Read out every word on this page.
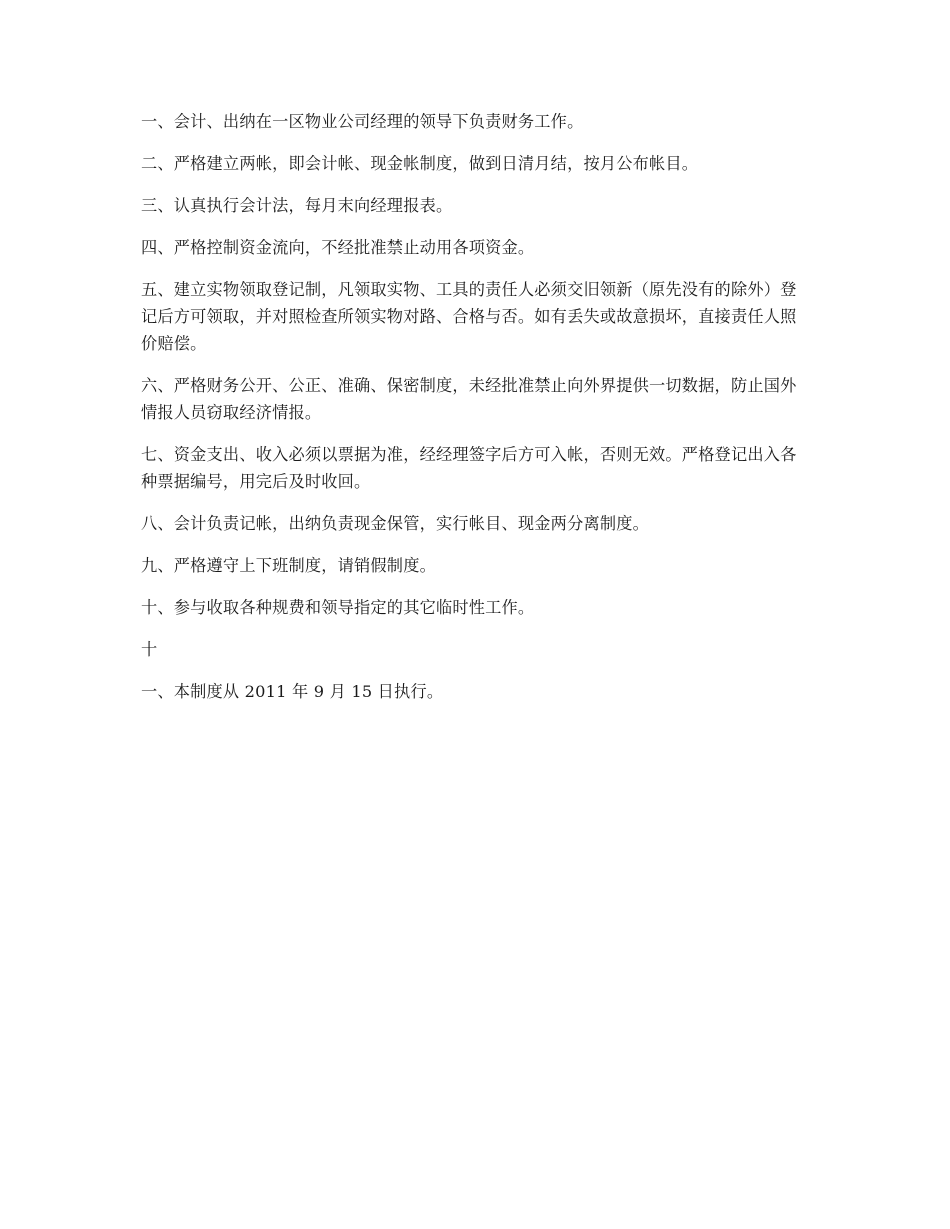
一、会计、出纳在一区物业公司经理的领导下负责财务工作。

二、严格建立两帐，即会计帐、现金帐制度，做到日清月结，按月公布帐目。

三、认真执行会计法，每月末向经理报表。

四、严格控制资金流向，不经批准禁止动用各项资金。

五、建立实物领取登记制，凡领取实物、工具的责任人必须交旧领新（原先没有的除外）登记后方可领取，并对照检查所领实物对路、合格与否。如有丢失或故意损坏，直接责任人照价赔偿。

六、严格财务公开、公正、准确、保密制度，未经批准禁止向外界提供一切数据，防止国外情报人员窃取经济情报。

七、资金支出、收入必须以票据为准，经经理签字后方可入帐，否则无效。严格登记出入各种票据编号，用完后及时收回。

八、会计负责记帐，出纳负责现金保管，实行帐目、现金两分离制度。

九、严格遵守上下班制度，请销假制度。

十、参与收取各种规费和领导指定的其它临时性工作。

十

一、本制度从 2011 年 9 月 15 日执行。
